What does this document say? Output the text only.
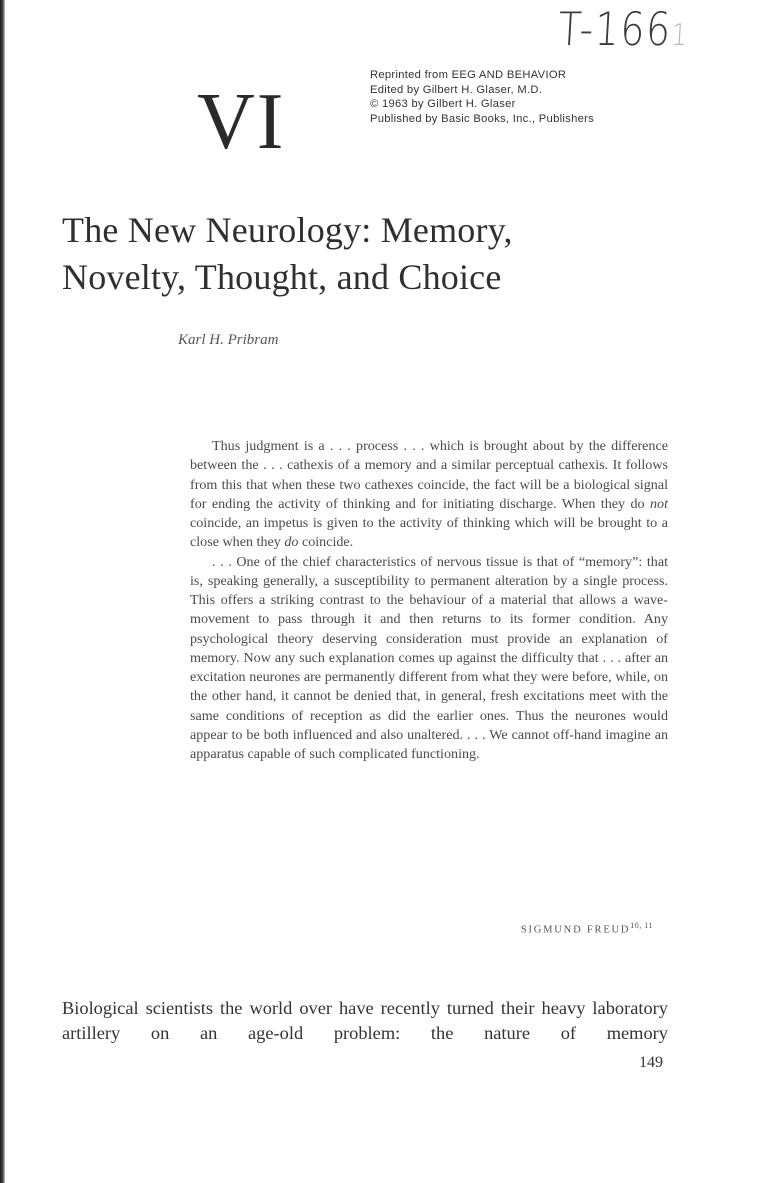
T-1661
VI
Reprinted from EEG AND BEHAVIOR
Edited by Gilbert H. Glaser, M.D.
© 1963 by Gilbert H. Glaser
Published by Basic Books, Inc., Publishers
The New Neurology: Memory,
Novelty, Thought, and Choice
Karl H. Pribram

Thus judgment is a . . . process . . . which is brought about by the difference between the . . . cathexis of a memory and a similar perceptual cathexis. It follows from this that when these two cathexes coincide, the fact will be a biological signal for ending the activity of thinking and for initiating discharge. When they do not coincide, an impetus is given to the activity of thinking which will be brought to a close when they do coincide.

. . . One of the chief characteristics of nervous tissue is that of “memory”: that is, speaking generally, a susceptibility to permanent alteration by a single process. This offers a striking contrast to the behaviour of a material that allows a wave-movement to pass through it and then returns to its former condition. Any psychological theory deserving consideration must provide an explanation of memory. Now any such explanation comes up against the difficulty that . . . after an excitation neurones are permanently different from what they were before, while, on the other hand, it cannot be denied that, in general, fresh excitations meet with the same conditions of reception as did the earlier ones. Thus the neurones would appear to be both influenced and also unaltered. . . . We cannot off-hand imagine an apparatus capable of such complicated functioning.

SIGMUND FREUD$^{10, 11}$
Biological scientists the world over have recently turned their heavy laboratory artillery on an age-old problem: the nature of memory
149
